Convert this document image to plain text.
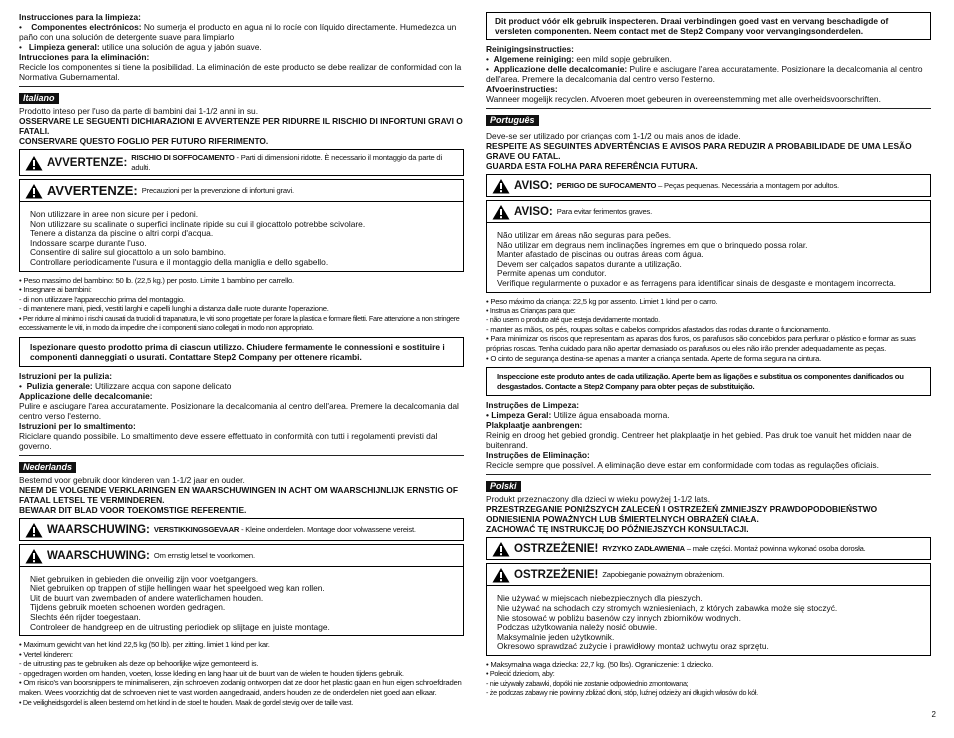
Instrucciones para la limpieza:

•    Componentes electrónicos: No sumerja el producto en agua ni lo rocíe con líquido directamente. Humedezca un paño con una solución de detergente suave para limpiarlo

•   Limpieza general: utilice una solución de agua y jabón suave.

Intrucciones para la eliminación:

Recicle los componentes si tiene la posibilidad. La eliminación de este producto se debe realizar de conformidad con la Normativa Gubernamental.

Italiano

Prodotto inteso per l'uso da parte di bambini dai 1-1/2 anni in su.

OSSERVARE LE SEGUENTI DICHIARAZIONI E AVVERTENZE PER RIDURRE IL RISCHIO DI INFORTUNI GRAVI O FATALI.
CONSERVARE QUESTO FOGLIO PER FUTURO RIFERIMENTO.

AVVERTENZE: RISCHIO DI SOFFOCAMENTO - Parti di dimensioni ridotte. È necessario il montaggio da parte di adulti.
AVVERTENZE: Precauzioni per la prevenzione di infortuni gravi.

Non utilizzare in aree non sicure per i pedoni.

Non utilizzare su scalinate o superfici inclinate ripide su cui il giocattolo potrebbe scivolare.

Tenere a distanza da piscine o altri corpi d'acqua.

Indossare scarpe durante l'uso.

Consentire di salire sul giocattolo a un solo bambino.

Controllare periodicamente l'usura e il montaggio della maniglia e dello sgabello.

• Peso massimo del bambino: 50 lb. (22,5 kg.) per posto. Limite 1 bambino per carrello.
• Insegnare ai bambini:
- di non utilizzare l'apparecchio prima del montaggio.
- di mantenere mani, piedi, vestiti larghi e capelli lunghi a distanza dalle ruote durante l'operazione.

• Per ridurre al minimo i rischi causati da trucioli di trapanatura, le viti sono progettate per forare la plastica e formare filetti. Fare attenzione a non stringere eccessivamente le viti, in modo da impedire che i componenti siano collegati in modo non appropriato.

Ispezionare questo prodotto prima di ciascun utilizzo. Chiudere fermamente le connessioni e sostituire i componenti danneggiati o usurati. Contattare Step2 Company per ottenere ricambi.

Istruzioni per la pulizia:

•  Pulizia generale: Utilizzare acqua con sapone delicato

Applicazione delle decalcomanie:

Pulire e asciugare l'area accuratamente. Posizionare la decalcomania al centro dell'area. Premere la decalcomania dal centro verso l'esterno.

Istruzioni per lo smaltimento:

Riciclare quando possibile. Lo smaltimento deve essere effettuato in conformità con tutti i regolamenti previsti dal governo.

Nederlands

Bestemd voor gebruik door kinderen van 1-1/2 jaar en ouder.

NEEM DE VOLGENDE VERKLARINGEN EN WAARSCHUWINGEN IN ACHT OM WAARSCHIJNLIJK ERNSTIG OF FATAAL LETSEL TE VERMINDEREN.
BEWAAR DIT BLAD VOOR TOEKOMSTIGE REFERENTIE.

WAARSCHUWING: VERSTIKKINGSGEVAAR - Kleine onderdelen. Montage door volwassene vereist.
WAARSCHUWING: Om ernstig letsel te voorkomen.

Niet gebruiken in gebieden die onveilig zijn voor voetgangers.

Niet gebruiken op trappen of stijle hellingen waar het speelgoed weg kan rollen.

Uit de buurt van zwembaden of andere waterlichamen houden.

Tijdens gebruik moeten schoenen worden gedragen.

Slechts één rijder toegestaan.

Controleer de handgreep en de uitrusting periodiek op slijtage en juiste montage.

• Maximum gewicht van het kind 22,5 kg (50 lb). per zitting. limiet 1 kind per kar.
• Vertel kinderen:
- de uitrusting pas te gebruiken als deze op behoorlijke wijze gemonteerd is.
- opgedragen worden om handen, voeten, losse kleding en lang haar uit de buurt van de wielen te houden tijdens gebruik.
• Om risico's van boorsnippers te minimaliseren, zijn schroeven zodanig ontworpen dat ze door het plastic gaan en hun eigen schroefdraden maken. Wees voorzichtig dat de schroeven niet te vast worden aangedraaid, anders houden ze de onderdelen niet goed aan elkaar.

• De veiligheidsgordel is alleen bestemd om het kind in de stoel te houden. Maak de gordel stevig over de taille vast.

Dit product vóór elk gebruik inspecteren. Draai verbindingen goed vast en vervang beschadigde of versleten componenten. Neem contact met de Step2 Company voor vervangingsonderdelen.

Reinigingsinstructies:

•  Algemene reiniging: een mild sopje gebruiken.

•  Applicazione delle decalcomanie: Pulire e asciugare l'area accuratamente. Posizionare la decalcomania al centro dell'area. Premere la decalcomania dal centro verso l'esterno.

Afvoerinstructies:

Wanneer mogelijk recyclen. Afvoeren moet gebeuren in overeenstemming met alle overheidsvoorschriften.

Português

Deve-se ser utilizado por crianças com 1-1/2 ou mais anos de idade.

RESPEITE AS SEGUINTES ADVERTÊNCIAS E AVISOS PARA REDUZIR A PROBABILIDADE DE UMA LESÃO GRAVE OU FATAL.
GUARDA ESTA FOLHA PARA REFERÊNCIA FUTURA.

AVISO: PERIGO DE SUFOCAMENTO – Peças pequenas. Necessária a montagem por adultos.
AVISO: Para evitar ferimentos graves.

Não utilizar em áreas não seguras para peões.

Não utilizar em degraus nem inclinações íngremes em que o brinquedo possa rolar.

Manter afastado de piscinas ou outras áreas com água.

Devem ser calçados sapatos durante a utilização.

Permite apenas um condutor.

Verifique regularmente o puxador e as ferragens para identificar sinais de desgaste e montagem incorrecta.

• Peso máximo da criança: 22,5 kg por assento. Limiet 1 kind per o carro.

• Instrua as Crianças para que:
- não usem o produto até que esteja devidamente montado.

- manter as mãos, os pés, roupas soltas e cabelos compridos afastados das rodas durante o funcionamento.
• Para minimizar os riscos que representam as aparas dos furos, os parafusos são concebidos para perfurar o plástico e formar as suas próprias roscas. Tenha cuidado para não apertar demasiado os parafusos ou eles não irão prender adequadamente as peças.
• O cinto de segurança destina-se apenas a manter a criança sentada. Aperte de forma segura na cintura.

Inspeccione este produto antes de cada utilização. Aperte bem as ligações e substitua os componentes danificados ou desgastados. Contacte a Step2 Company para obter peças de substituição.

Instruções de Limpeza:

• Limpeza Geral: Utilize água ensaboada morna.

Plakplaatje aanbrengen:

Reinig en droog het gebied grondig. Centreer het plakplaatje in het gebied. Pas druk toe vanuit het midden naar de buitenrand.

Instruções de Eliminação:

Recicle sempre que possível. A eliminação deve estar em conformidade com todas as regulações oficiais.

Polski

Produkt przeznaczony dla dzieci w wieku powyżej 1-1/2 lats.

PRZESTRZEGANIE PONIŻSZYCH ZALECEŃ I OSTRZEŻEŃ ZMNIEJSZY PRAWDOPODOBIEŃSTWO ODNIESIENIA POWAŻNYCH LUB ŚMIERTELNYCH OBRAŻEŃ CIAŁA.
ZACHOWAĆ TĘ INSTRUKCJĘ DO PÓŹNIEJSZYCH KONSULTACJI.

OSTRZEŻENIE! RYZYKO ZADŁAWIENIA – małe części. Montaż powinna wykonać osoba dorosła.
OSTRZEŻENIE! Zapobieganie poważnym obrażeniom.

Nie używać w miejscach niebezpiecznych dla pieszych.

Nie używać na schodach czy stromych wzniesieniach, z których zabawka może się stoczyć.

Nie stosować w pobliżu basenów czy innych zbiorników wodnych.

Podczas użytkowania należy nosić obuwie.

Maksymalnie jeden użytkownik.

Okresowo sprawdzać zużycie i prawidłowy montaż uchwytu oraz sprzętu.

• Maksymalna waga dziecka: 22,7 kg. (50 lbs). Ograniczenie: 1 dziecko.

• Polecić dzieciom, aby:
- nie używały zabawki, dopóki nie zostanie odpowiednio zmontowana;
- że podczas zabawy nie powinny zbliżać dłoni, stóp, luźnej odzieży ani długich włosów do kół.

2
